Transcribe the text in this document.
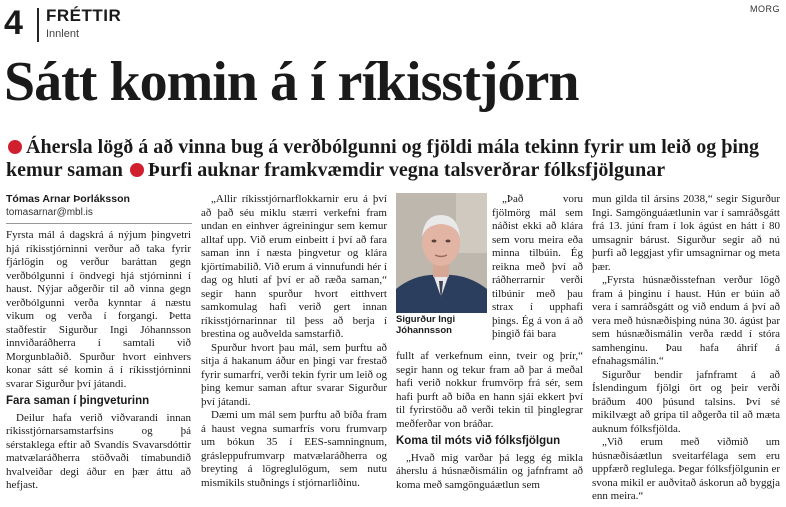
4 FRÉTTIR
Innlent
MORG
Sátt komin á í ríkisstjórn
Áhersla lögð á að vinna bug á verðbólgunni og fjöldi mála tekinn fyrir um leið og þing kemur saman Þurfi auknar framkvæmdir vegna talsverðrar fólksfjölgunar
Tómas Arnar Þorláksson
tomasarnar@mbl.is

Fyrsta mál á dagskrá á nýjum þingvetri hjá ríkisstjórninni verður að taka fyrir fjárlögin og verður baráttan gegn verðbólgunni í öndvegi hjá stjórninni í haust. Nýjar aðgerðir til að vinna gegn verðbólgunni verða kynntar á næstu vikum og verða í forgangi. Þetta staðfestir Sigurður Ingi Jóhannsson innviðaráðherra í samtali við Morgunblaðið. Spurður hvort einhvers konar sátt sé komin á í ríkisstjórninni svarar Sigurður því játandi.

Fara saman í þingveturinn

Deilur hafa verið viðvarandi innan ríkisstjórnarsamstarfsins og þá sérstaklega eftir að Svandís Svavarsdóttir matvælaráðherra stöðvaði tímabundið hvalveiðar degi áður en þær áttu að hefjast.

„Allir ríkisstjórnarflokkarnir eru á því að það séu miklu stærri verkefni fram undan en einhver ágreiningur sem kemur alltaf upp. Við erum einbeitt í því að fara saman inn í næsta þingvetur og klára kjörtímabilið. Við erum á vinnufundi hér í dag og hluti af því er að ræða saman,“ segir hann spurður hvort eitthvert samkomulag hafi verið gert innan ríkisstjórnarinnar til þess að berja í brestina og auðvelda samstarfið.

Spurður hvort þau mál, sem þurftu að sitja á hakanum áður en þingi var frestað fyrir sumarfrí, verði tekin fyrir um leið og þing kemur saman aftur svarar Sigurður því játandi.

Dæmi um mál sem þurftu að bíða fram á haust vegna sumarfrís voru frumvarp um bókun 35 í EES-samningnum, grásleppufrumvarp matvælaráðherra og breyting á lögreglulögum, sem nutu mismikils stuðnings í stjórnarliðinu.

Sigurður Ingi Jóhannsson

„Það voru fjölmörg mál sem náðist ekki að klára sem voru meira eða minna tilbúin. Ég reikna með því að ráðherrarnir verði tilbúnir með þau strax í upphafi þings. Ég á von á að þingið fái bara

fullt af verkefnum einn, tveir og þrír,“ segir hann og tekur fram að þar á meðal hafi verið nokkur frumvörp frá sér, sem hafi þurft að bíða en hann sjái ekkert því til fyrirstöðu að verði tekin til þinglegrar meðferðar von bráðar.

Koma til móts við fólksfjölgun

„Hvað mig varðar þá legg ég mikla áherslu á húsnæðismálin og jafnframt að koma með samgönguáætlun sem

mun gilda til ársins 2038,“ segir Sigurður Ingi. Samgönguáætlunin var í samráðsgátt frá 13. júní fram í lok ágúst en hátt í 80 umsagnir bárust. Sigurður segir að nú þurfi að leggjast yfir umsagnirnar og meta þær.

„Fyrsta húsnæðisstefnan verður lögð fram á þinginu í haust. Hún er búin að vera í samráðsgátt og við endum á því að vera með húsnæðisþing núna 30. ágúst þar sem húsnæðismálin verða rædd í stóra samhenginu. Þau hafa áhrif á efnahagsmálin.“

Sigurður bendir jafnframt á að Íslendingum fjölgi ört og þeir verði bráðum 400 þúsund talsins. Því sé mikilvægt að grípa til aðgerða til að mæta auknum fólksfjölda.

„Við erum með viðmið um húsnæðisáætlun sveitarfélaga sem eru uppfærð reglulega. Þegar fólksfjölgunin er svona mikil er auðvitað áskorun að byggja enn meira.“
